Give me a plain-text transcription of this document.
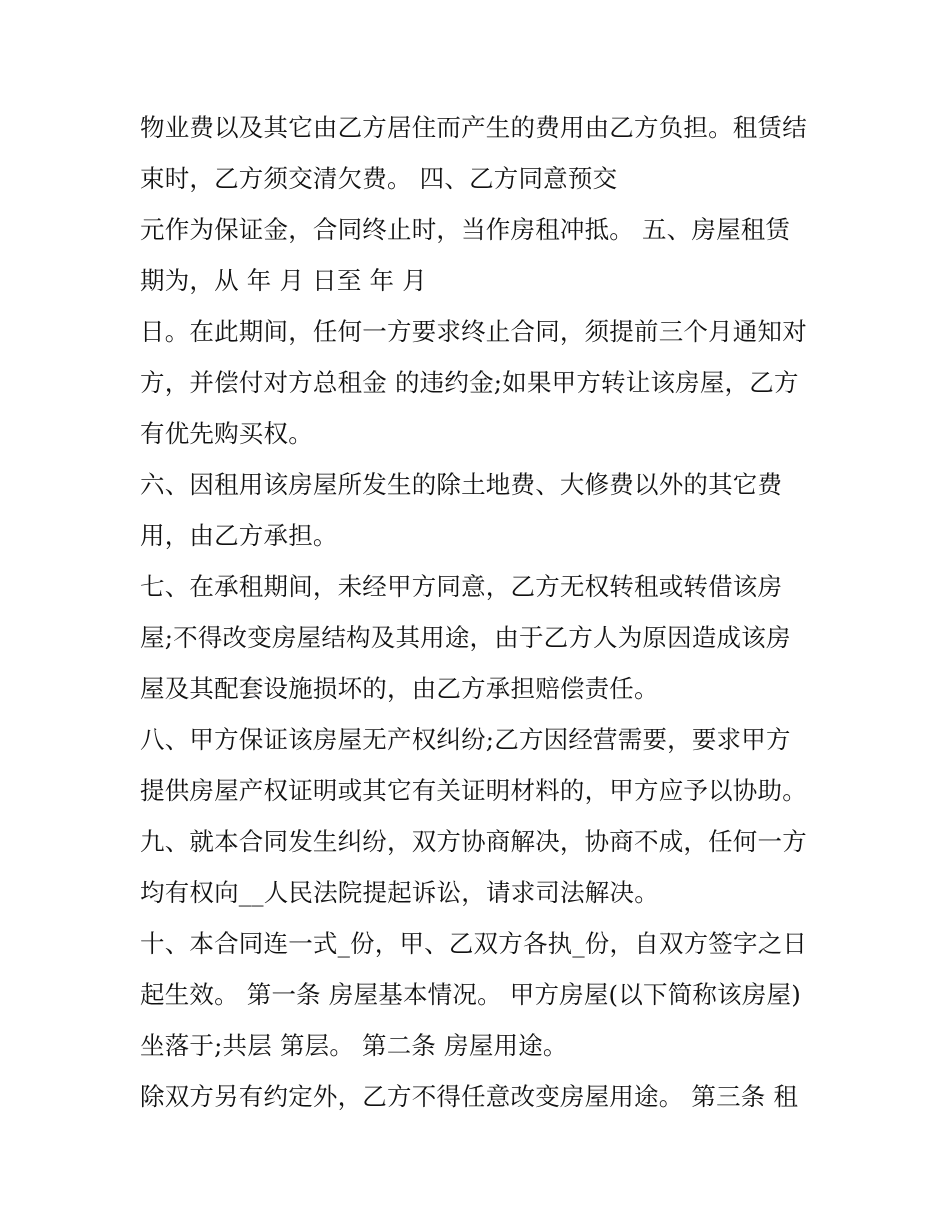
物业费以及其它由乙方居住而产生的费用由乙方负担。租赁结
束时，乙方须交清欠费。 四、乙方同意预交
元作为保证金，合同终止时，当作房租冲抵。 五、房屋租赁
期为，从 年 月 日至 年 月
日。在此期间，任何一方要求终止合同，须提前三个月通知对
方，并偿付对方总租金 的违约金;如果甲方转让该房屋，乙方
有优先购买权。
六、因租用该房屋所发生的除土地费、大修费以外的其它费
用，由乙方承担。
七、在承租期间，未经甲方同意，乙方无权转租或转借该房
屋;不得改变房屋结构及其用途，由于乙方人为原因造成该房
屋及其配套设施损坏的，由乙方承担赔偿责任。
八、甲方保证该房屋无产权纠纷;乙方因经营需要，要求甲方
提供房屋产权证明或其它有关证明材料的，甲方应予以协助。
九、就本合同发生纠纷，双方协商解决，协商不成，任何一方
均有权向__人民法院提起诉讼，请求司法解决。
十、本合同连一式_份，甲、乙双方各执_份，自双方签字之日
起生效。 第一条 房屋基本情况。 甲方房屋(以下简称该房屋)
坐落于;共层 第层。 第二条 房屋用途。
除双方另有约定外，乙方不得任意改变房屋用途。 第三条 租
